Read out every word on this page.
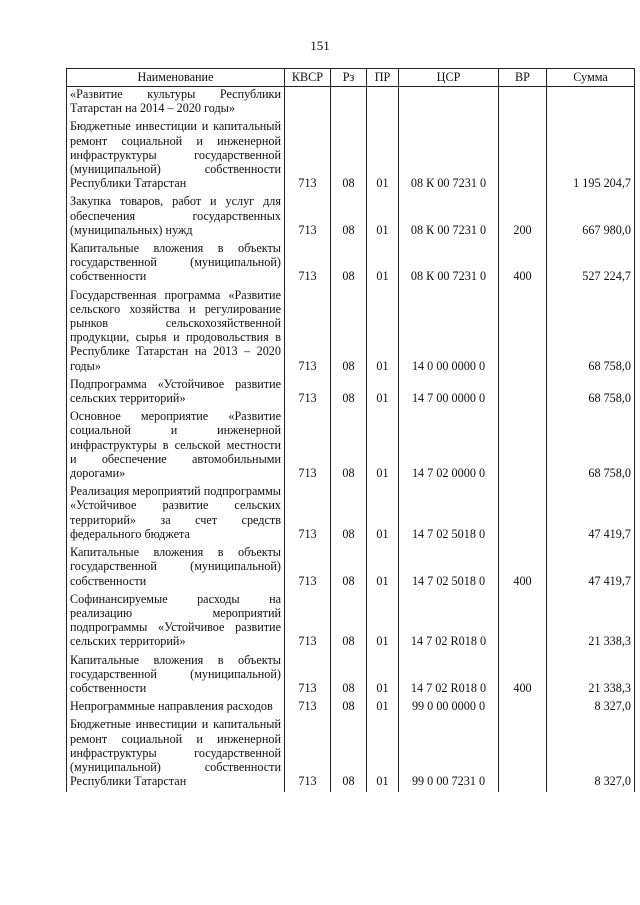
151
Наименование	КВСР	Рз	ПР	ЦСР	ВР	Сумма
«Развитие культуры Республики Татарстан на 2014 – 2020 годы»						
Бюджетные инвестиции и капитальный ремонт социальной и инженерной инфраструктуры государственной (муниципальной) собственности Республики Татарстан	713	08	01	08 К 00 7231 0		1 195 204,7
Закупка товаров, работ и услуг для обеспечения государственных (муниципальных) нужд	713	08	01	08 К 00 7231 0	200	667 980,0
Капитальные вложения в объекты государственной (муниципальной) собственности	713	08	01	08 К 00 7231 0	400	527 224,7
Государственная программа «Развитие сельского хозяйства и регулирование рынков сельскохозяйственной продукции, сырья и продовольствия в Республике Татарстан на 2013 – 2020 годы»	713	08	01	14 0 00 0000 0		68 758,0
Подпрограмма «Устойчивое развитие сельских территорий»	713	08	01	14 7 00 0000 0		68 758,0
Основное мероприятие «Развитие социальной и инженерной инфраструктуры в сельской местности и обеспечение автомобильными дорогами»	713	08	01	14 7 02 0000 0		68 758,0
Реализация мероприятий подпрограммы «Устойчивое развитие сельских территорий» за счет средств федерального бюджета	713	08	01	14 7 02 5018 0		47 419,7
Капитальные вложения в объекты государственной (муниципальной) собственности	713	08	01	14 7 02 5018 0	400	47 419,7
Софинансируемые расходы на реализацию мероприятий подпрограммы «Устойчивое развитие сельских территорий»	713	08	01	14 7 02 R018 0		21 338,3
Капитальные вложения в объекты государственной (муниципальной) собственности	713	08	01	14 7 02 R018 0	400	21 338,3
Непрограммные направления расходов	713	08	01	99 0 00 0000 0		8 327,0
Бюджетные инвестиции и капитальный ремонт социальной и инженерной инфраструктуры государственной (муниципальной) собственности Республики Татарстан	713	08	01	99 0 00 7231 0		8 327,0
